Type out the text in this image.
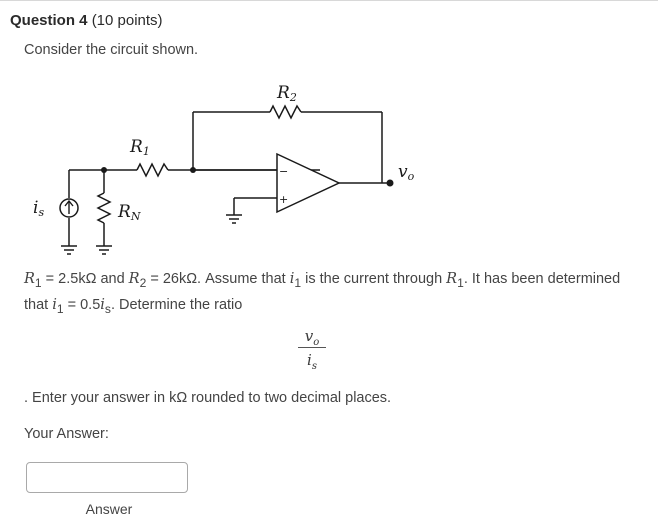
Question 4 (10 points)
Consider the circuit shown.
R1
R2
RN
is
vo
−
+
$R_1 = 2.5k\Omega$ and $R_2 = 26k\Omega$. Assume that $i_1$ is the current through $R_1$. It has been determined that $i_1 = 0.5i_s$. Determine the ratio
$v_o$
$i_s$
. Enter your answer in kΩ rounded to two decimal places.
Your Answer:
Answer
